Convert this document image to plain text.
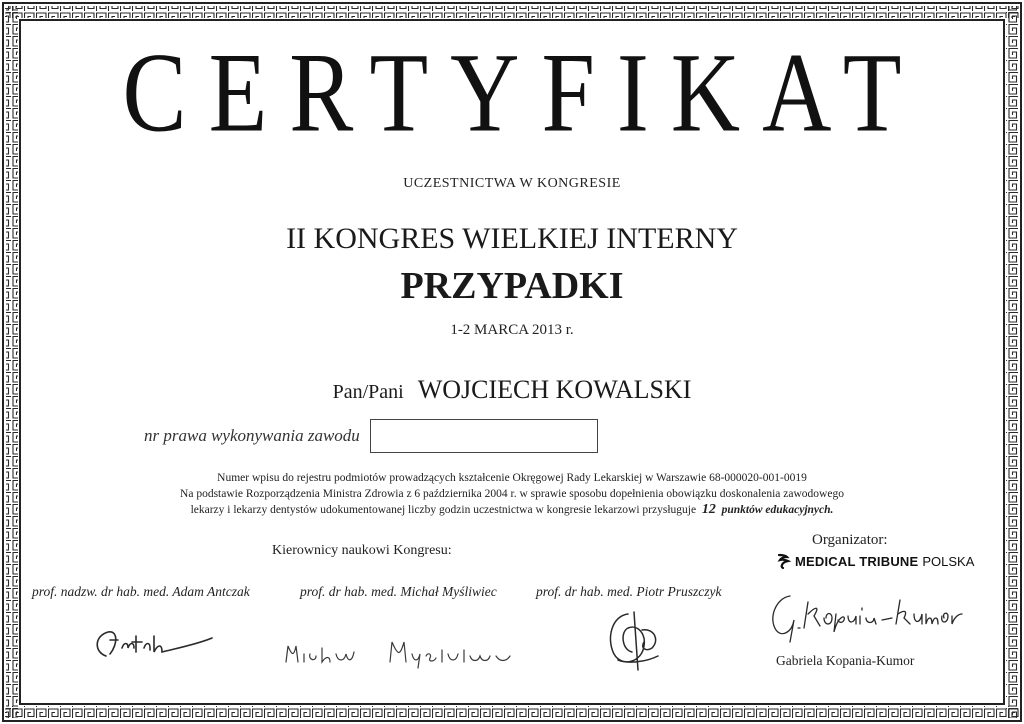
CERTYFIKAT
UCZESTNICTWA W KONGRESIE
II KONGRES WIELKIEJ INTERNY
PRZYPADKI
1-2 MARCA 2013 r.
Pan/Pani WOJCIECH KOWALSKI
nr prawa wykonywania zawodu
Numer wpisu do rejestru podmiotów prowadzących kształcenie Okręgowej Rady Lekarskiej w Warszawie 68-000020-001-0019
Na podstawie Rozporządzenia Ministra Zdrowia z 6 października 2004 r. w sprawie sposobu dopełnienia obowiązku doskonalenia zawodowego
lekarzy i lekarzy dentystów udokumentowanej liczby godzin uczestnictwa w kongresie lekarzowi przysługuje 12 punktów edukacyjnych.
Organizator:
MEDICAL TRIBUNE POLSKA
Kierownicy naukowi Kongresu:
prof. nadzw. dr hab. med. Adam Antczak	prof. dr hab. med. Michał Myśliwiec	prof. dr hab. med. Piotr Pruszczyk
Gabriela Kopania-Kumor
